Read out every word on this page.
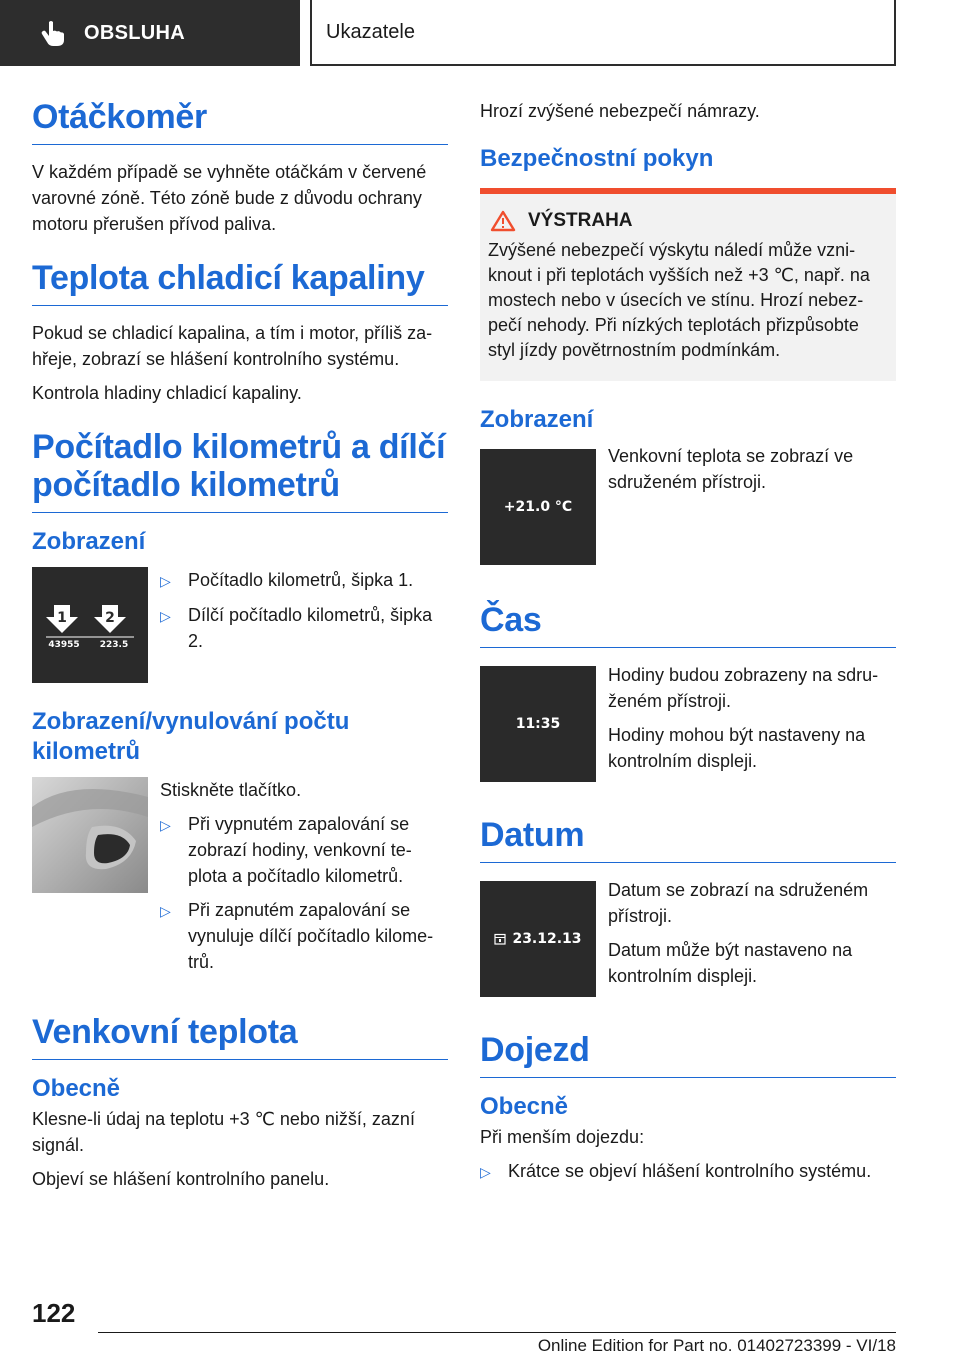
OBSLUHA	Ukazatele
Otáčkoměr

V každém případě se vyhněte otáčkám v červené varovné zóně. Této zóně bude z důvodu ochrany motoru přerušen přívod paliva.

Teplota chladicí kapaliny

Pokud se chladicí kapalina, a tím i motor, příliš za‐hřeje, zobrazí se hlášení kontrolního systému.

Kontrola hladiny chladicí kapaliny.

Počítadlo kilometrů a dílčí počítadlo kilometrů
Zobrazení
1	2
43955 223.5
▷ Počítadlo kilometrů, šipka 1.
▷ Dílčí počítadlo kilometrů, šipka 2.
Zobrazení/vynulování počtu kilometrů

Stiskněte tlačítko.

▷ Při vypnutém zapalování se zobrazí hodiny, venkovní te‐plota a počítadlo kilometrů.
▷ Při zapnutém zapalování se vynuluje dílčí počítadlo kilome‐trů.
Venkovní teplota
Obecně

Klesne-li údaj na teplotu +3 ℃ nebo nižší, zazní signál.

Objeví se hlášení kontrolního panelu.

Hrozí zvýšené nebezpečí námrazy.

Bezpečnostní pokyn
VÝSTRAHA

Zvýšené nebezpečí výskytu náledí může vzni‐knout i při teplotách vyšších než +3 ℃, např. na mostech nebo v úsecích ve stínu. Hrozí nebez‐pečí nehody. Při nízkých teplotách přizpůsobte styl jízdy povětrnostním podmínkám.

Zobrazení
+21.0 °C

Venkovní teplota se zobrazí ve sdruženém přístroji.

Čas
11:35

Hodiny budou zobrazeny na sdru‐ženém přístroji.

Hodiny mohou být nastaveny na kontrolním displeji.

Datum
23.12.13

Datum se zobrazí na sdruženém přístroji.

Datum může být nastaveno na kontrolním displeji.

Dojezd
Obecně

Při menším dojezdu:

▷ Krátce se objeví hlášení kontrolního systému.
122
Online Edition for Part no. 01402723399 - VI/18
